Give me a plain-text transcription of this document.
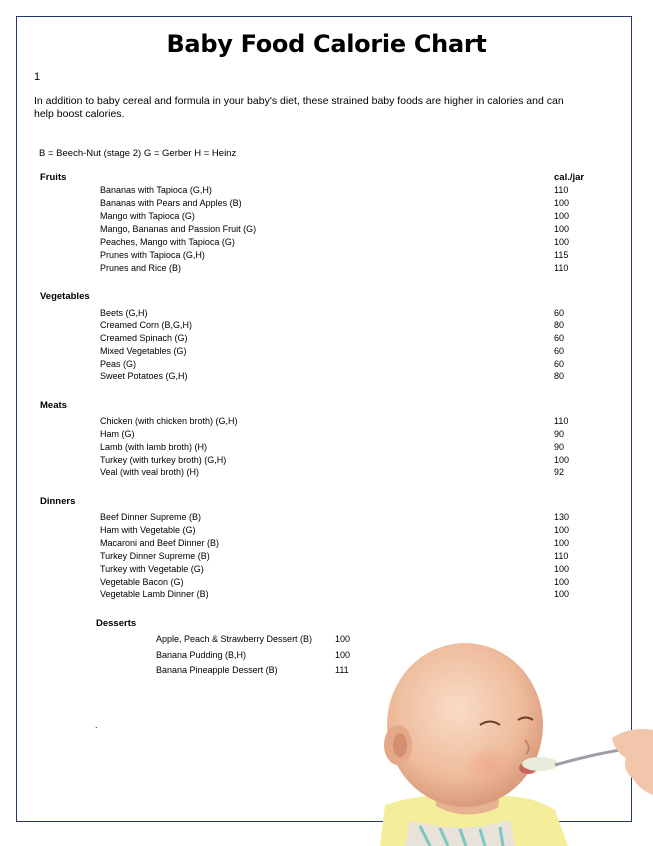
Baby Food Calorie Chart
1
In addition to baby cereal and formula in your baby's diet, these strained baby foods are higher in calories and can help boost calories.
B = Beech-Nut (stage 2) G = Gerber H = Heinz
Fruits	cal./jar
Bananas with Tapioca (G,H)	110
Bananas with Pears and Apples (B)	100
Mango with Tapioca (G)	100
Mango, Bananas and Passion Fruit (G)	100
Peaches, Mango with Tapioca (G)	100
Prunes with Tapioca (G,H)	115
Prunes and Rice (B)	110
Vegetables
Beets (G,H)	60
Creamed Corn (B,G,H)	80
Creamed Spinach (G)	60
Mixed Vegetables (G)	60
Peas (G)	60
Sweet Potatoes (G,H)	80
Meats
Chicken (with chicken broth) (G,H)	110
Ham (G)	90
Lamb (with lamb broth) (H)	90
Turkey (with turkey broth) (G,H)	100
Veal (with veal broth) (H)	92
Dinners
Beef Dinner Supreme (B)	130
Ham with Vegetable (G)	100
Macaroni and Beef Dinner (B)	100
Turkey Dinner Supreme (B)	110
Turkey with Vegetable (G)	100
Vegetable Bacon (G)	100
Vegetable Lamb Dinner (B)	100
Desserts
Apple, Peach & Strawberry Dessert (B)	100
Banana Pudding (B,H)	100
Banana Pineapple Dessert (B)	111
.
